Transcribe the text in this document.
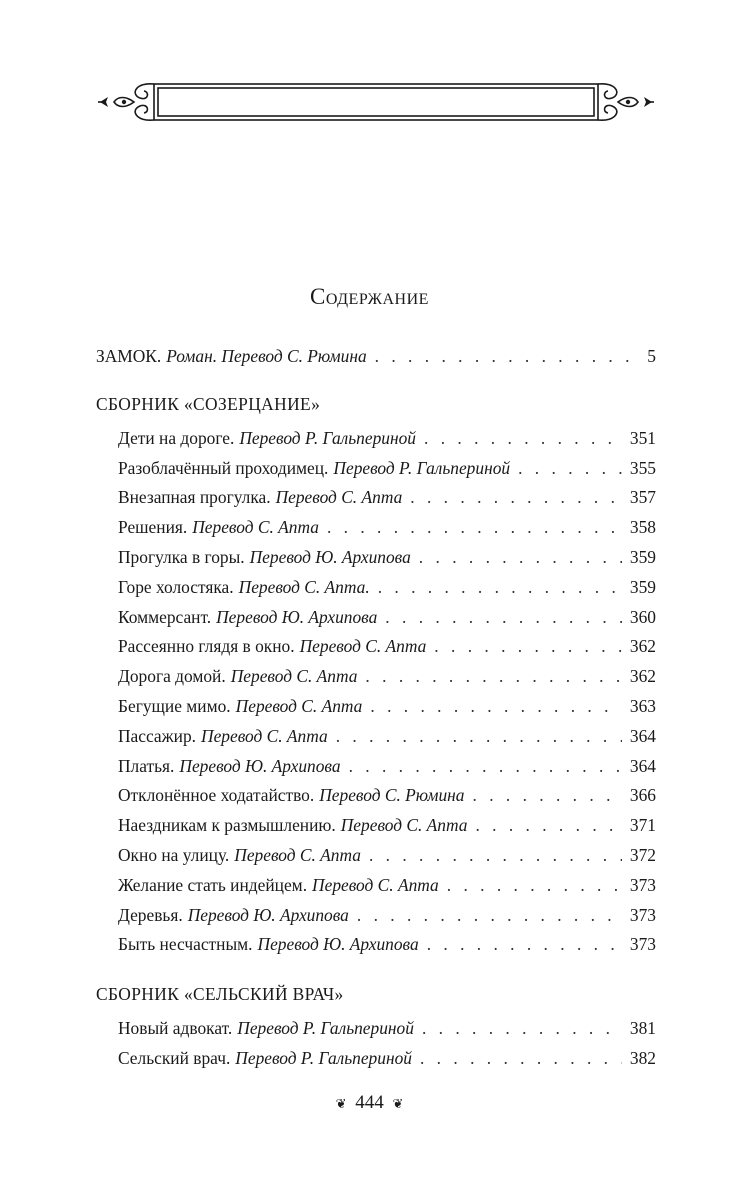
Содержание
ЗАМОК. Роман. Перевод С. Рюмина . . .	5
СБОРНИК «СОЗЕРЦАНИЕ»
Дети на дороге. Перевод Р. Гальпериной . . .	351
Разоблачённый проходимец. Перевод Р. Гальпериной . . .	355
Внезапная прогулка. Перевод С. Апта . . .	357
Решения. Перевод С. Апта . . .	358
Прогулка в горы. Перевод Ю. Архипова . . .	359
Горе холостяка. Перевод С. Апта. . . .	359
Коммерсант. Перевод Ю. Архипова . . .	360
Рассеянно глядя в окно. Перевод С. Апта . . .	362
Дорога домой. Перевод С. Апта . . .	362
Бегущие мимо. Перевод С. Апта . . .	363
Пассажир. Перевод С. Апта . . .	364
Платья. Перевод Ю. Архипова . . .	364
Отклонённое ходатайство. Перевод С. Рюмина . . .	366
Наездникам к размышлению. Перевод С. Апта . . .	371
Окно на улицу. Перевод С. Апта . . .	372
Желание стать индейцем. Перевод С. Апта . . .	373
Деревья. Перевод Ю. Архипова . . .	373
Быть несчастным. Перевод Ю. Архипова . . .	373
СБОРНИК «СЕЛЬСКИЙ ВРАЧ»
Новый адвокат. Перевод Р. Гальпериной . . .	381
Сельский врач. Перевод Р. Гальпериной . . .	382
❦ 444 ❦
